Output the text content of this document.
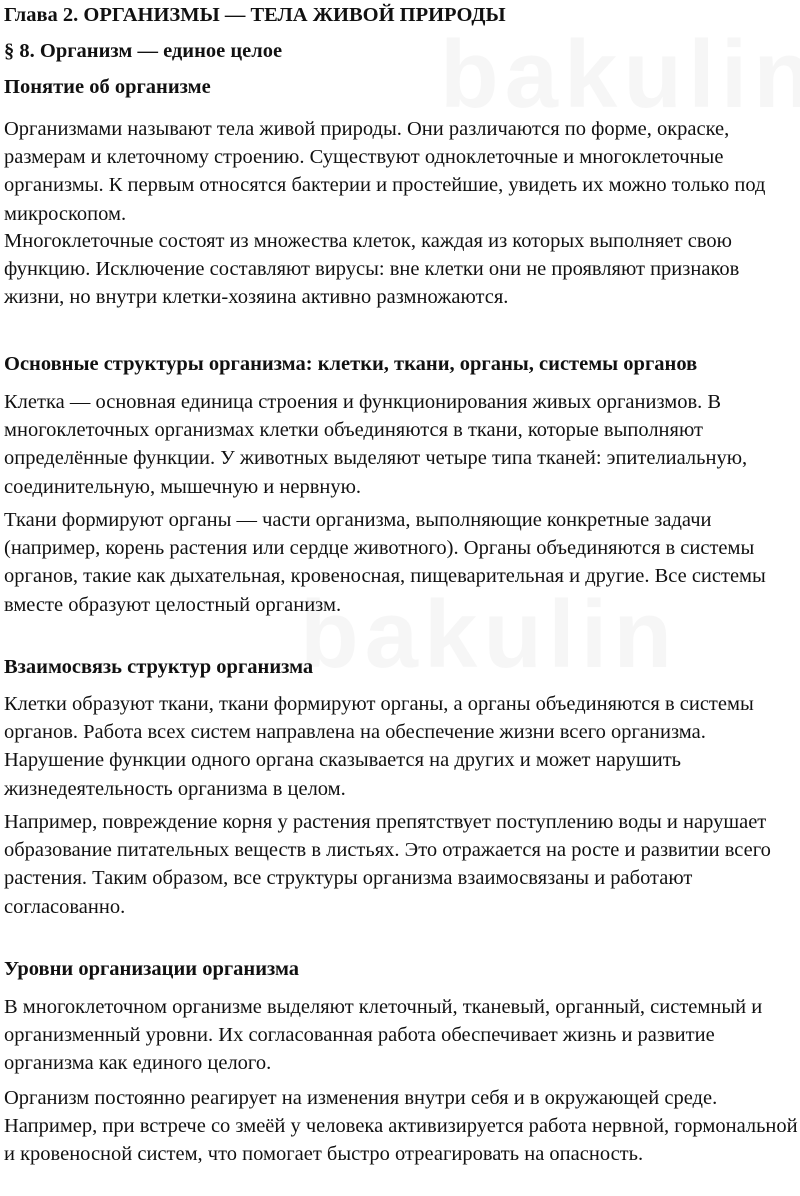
Глава 2. ОРГАНИЗМЫ — ТЕЛА ЖИВОЙ ПРИРОДЫ
§ 8. Организм — единое целое
Понятие об организме

Организмами называют тела живой природы. Они различаются по форме, окраске, размерам и клеточному строению. Существуют одноклеточные и многоклеточные организмы. К первым относятся бактерии и простейшие, увидеть их можно только под микроскопом.

Многоклеточные состоят из множества клеток, каждая из которых выполняет свою функцию. Исключение составляют вирусы: вне клетки они не проявляют признаков жизни, но внутри клетки-хозяина активно размножаются.

Основные структуры организма: клетки, ткани, органы, системы органов

Клетка — основная единица строения и функционирования живых организмов. В многоклеточных организмах клетки объединяются в ткани, которые выполняют определённые функции. У животных выделяют четыре типа тканей: эпителиальную, соединительную, мышечную и нервную.

Ткани формируют органы — части организма, выполняющие конкретные задачи (например, корень растения или сердце животного). Органы объединяются в системы органов, такие как дыхательная, кровеносная, пищеварительная и другие. Все системы вместе образуют целостный организм.

Взаимосвязь структур организма

Клетки образуют ткани, ткани формируют органы, а органы объединяются в системы органов. Работа всех систем направлена на обеспечение жизни всего организма. Нарушение функции одного органа сказывается на других и может нарушить жизнедеятельность организма в целом.

Например, повреждение корня у растения препятствует поступлению воды и нарушает образование питательных веществ в листьях. Это отражается на росте и развитии всего растения. Таким образом, все структуры организма взаимосвязаны и работают согласованно.

Уровни организации организма

В многоклеточном организме выделяют клеточный, тканевый, органный, системный и организменный уровни. Их согласованная работа обеспечивает жизнь и развитие организма как единого целого.

Организм постоянно реагирует на изменения внутри себя и в окружающей среде. Например, при встрече со змеёй у человека активизируется работа нервной, гормональной и кровеносной систем, что помогает быстро отреагировать на опасность.
